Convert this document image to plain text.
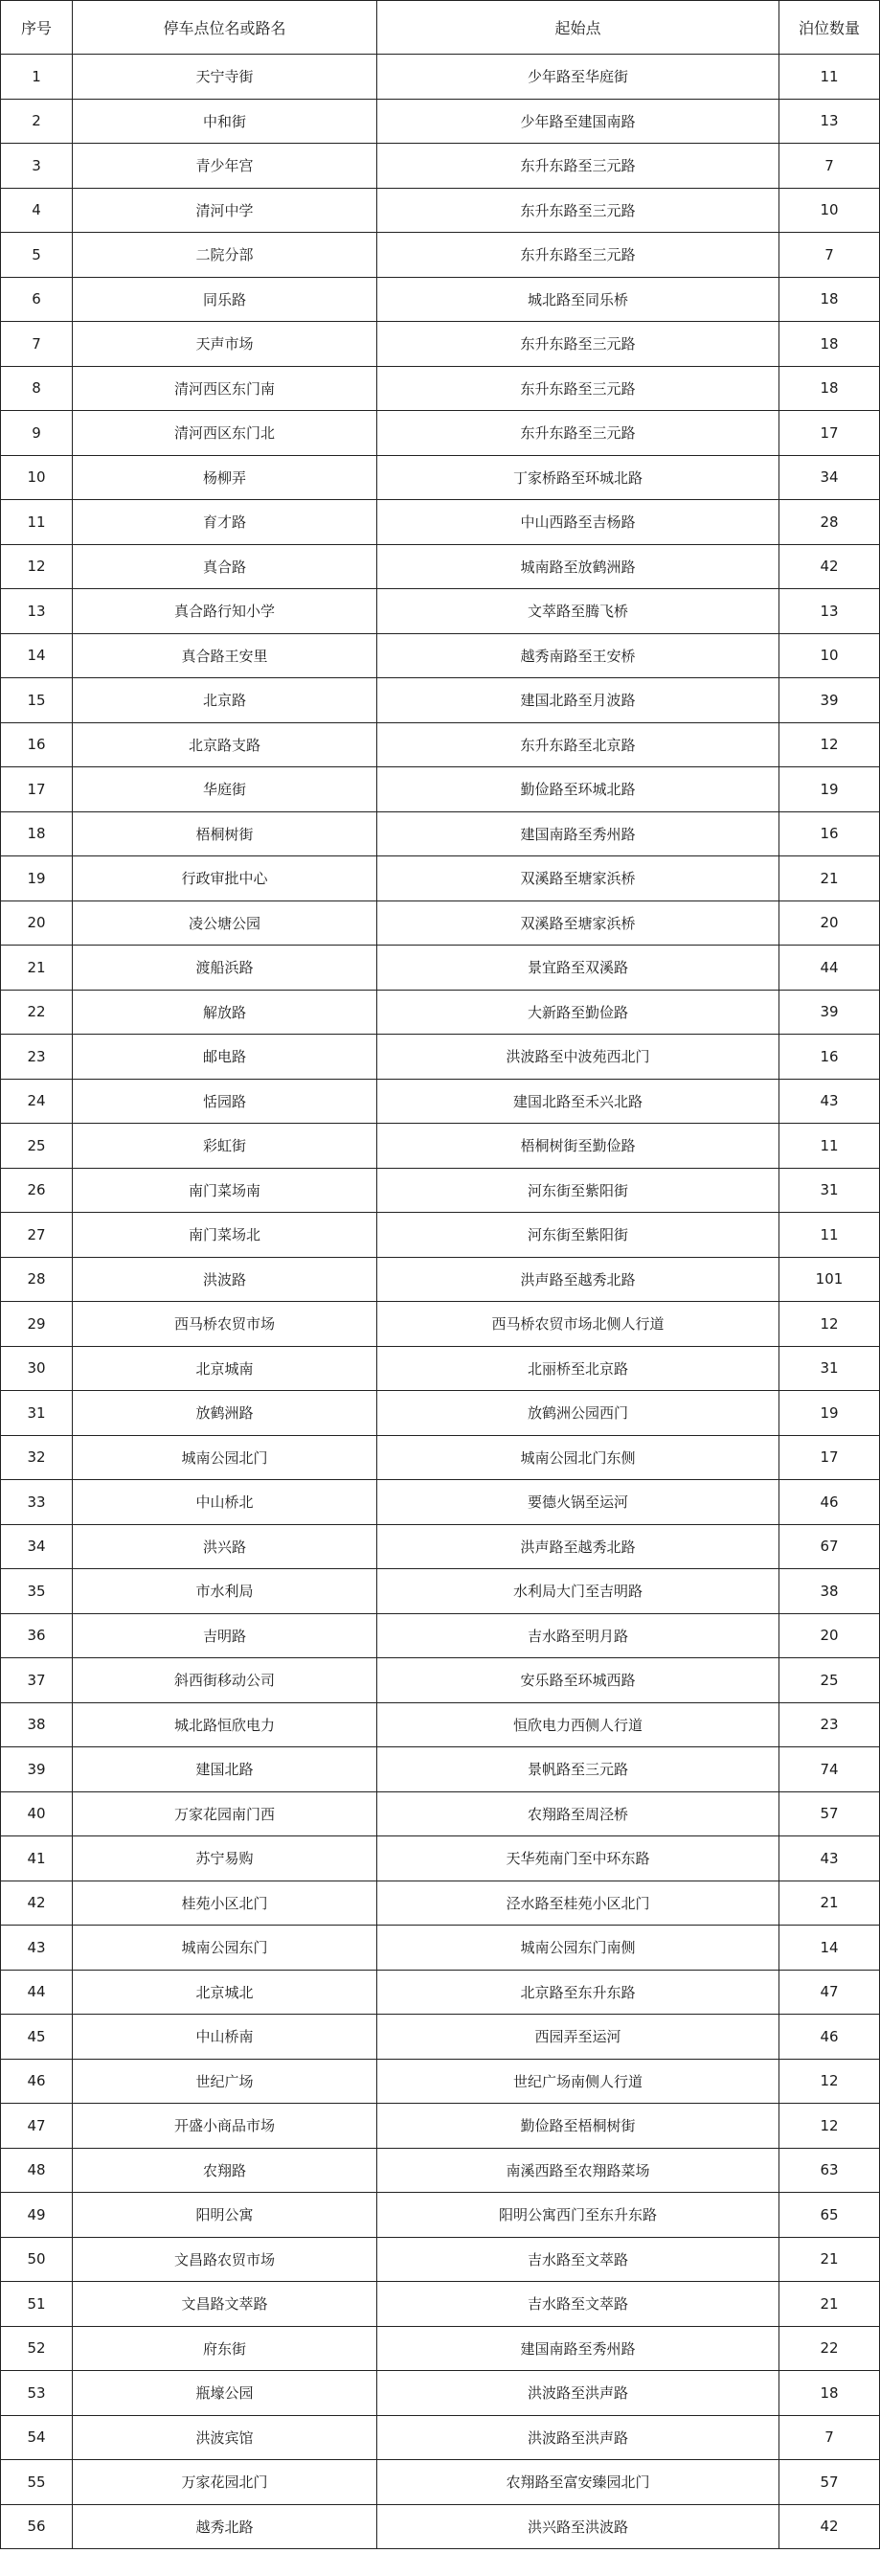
序号	停车点位名或路名	起始点	泊位数量
1	天宁寺街	少年路至华庭街	11
2	中和街	少年路至建国南路	13
3	青少年宫	东升东路至三元路	7
4	清河中学	东升东路至三元路	10
5	二院分部	东升东路至三元路	7
6	同乐路	城北路至同乐桥	18
7	天声市场	东升东路至三元路	18
8	清河西区东门南	东升东路至三元路	18
9	清河西区东门北	东升东路至三元路	17
10	杨柳弄	丁家桥路至环城北路	34
11	育才路	中山西路至吉杨路	28
12	真合路	城南路至放鹤洲路	42
13	真合路行知小学	文萃路至腾飞桥	13
14	真合路王安里	越秀南路至王安桥	10
15	北京路	建国北路至月波路	39
16	北京路支路	东升东路至北京路	12
17	华庭街	勤俭路至环城北路	19
18	梧桐树街	建国南路至秀州路	16
19	行政审批中心	双溪路至塘家浜桥	21
20	凌公塘公园	双溪路至塘家浜桥	20
21	渡船浜路	景宜路至双溪路	44
22	解放路	大新路至勤俭路	39
23	邮电路	洪波路至中波苑西北门	16
24	恬园路	建国北路至禾兴北路	43
25	彩虹街	梧桐树街至勤俭路	11
26	南门菜场南	河东街至紫阳街	31
27	南门菜场北	河东街至紫阳街	11
28	洪波路	洪声路至越秀北路	101
29	西马桥农贸市场	西马桥农贸市场北侧人行道	12
30	北京城南	北丽桥至北京路	31
31	放鹤洲路	放鹤洲公园西门	19
32	城南公园北门	城南公园北门东侧	17
33	中山桥北	要德火锅至运河	46
34	洪兴路	洪声路至越秀北路	67
35	市水利局	水利局大门至吉明路	38
36	吉明路	吉水路至明月路	20
37	斜西街移动公司	安乐路至环城西路	25
38	城北路恒欣电力	恒欣电力西侧人行道	23
39	建国北路	景帆路至三元路	74
40	万家花园南门西	农翔路至周泾桥	57
41	苏宁易购	天华苑南门至中环东路	43
42	桂苑小区北门	泾水路至桂苑小区北门	21
43	城南公园东门	城南公园东门南侧	14
44	北京城北	北京路至东升东路	47
45	中山桥南	西园弄至运河	46
46	世纪广场	世纪广场南侧人行道	12
47	开盛小商品市场	勤俭路至梧桐树街	12
48	农翔路	南溪西路至农翔路菜场	63
49	阳明公寓	阳明公寓西门至东升东路	65
50	文昌路农贸市场	吉水路至文萃路	21
51	文昌路文萃路	吉水路至文萃路	21
52	府东街	建国南路至秀州路	22
53	瓶壕公园	洪波路至洪声路	18
54	洪波宾馆	洪波路至洪声路	7
55	万家花园北门	农翔路至富安臻园北门	57
56	越秀北路	洪兴路至洪波路	42
